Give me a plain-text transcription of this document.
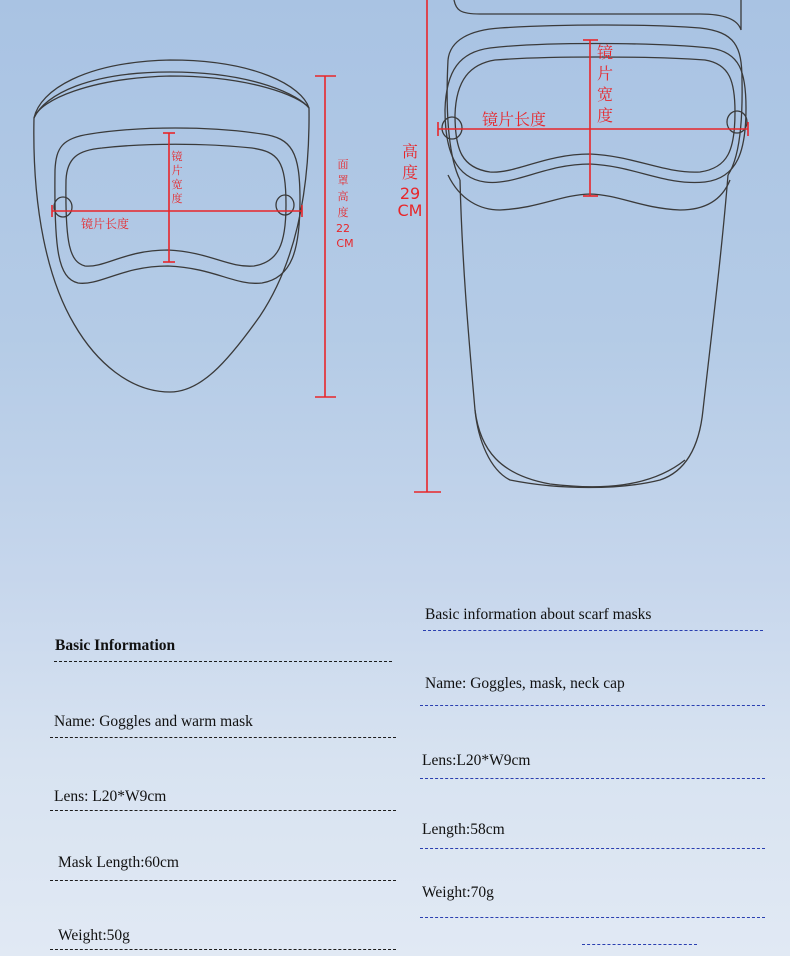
镜
片
宽
度
镜片长度
面
罩
高
度
22
CM
镜
片
宽
度
镜片长度
高
度
29
CM
Basic Information
Name: Goggles and warm mask
Lens: L20*W9cm
Mask Length:60cm
Weight:50g
Basic information about scarf masks
Name: Goggles, mask, neck cap
Lens:L20*W9cm
Length:58cm
Weight:70g
